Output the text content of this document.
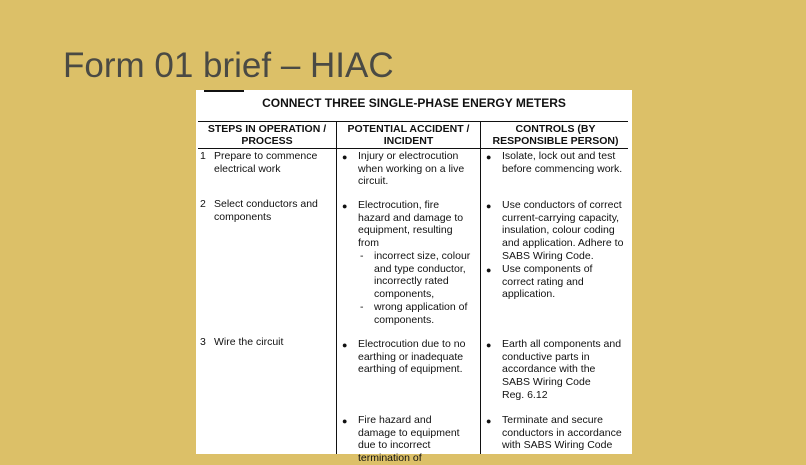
Form 01 brief – HIAC
CONNECT THREE SINGLE-PHASE ENERGY METERS
STEPS IN OPERATION /
PROCESS
POTENTIAL ACCIDENT /
INCIDENT
CONTROLS (BY
RESPONSIBLE PERSON)
1 Prepare to commence
electrical work
● Injury or electrocution
when working on a live
circuit.
● Isolate, lock out and test
before commencing work.
2 Select conductors and
components
● Electrocution, fire
hazard and damage to
equipment, resulting
from
- incorrect size, colour
and type conductor,
incorrectly rated
components,
- wrong application of
components.
● Use conductors of correct
current-carrying capacity,
insulation, colour coding
and application. Adhere to
SABS Wiring Code.
● Use components of
correct rating and
application.
3 Wire the circuit	● Electrocution due to no
earthing or inadequate
earthing of equipment.
● Earth all components and
conductive parts in
accordance with the
SABS Wiring Code
Reg. 6.12
● Fire hazard and
damage to equipment
due to incorrect
termination of
● Terminate and secure
conductors in accordance
with SABS Wiring Code
